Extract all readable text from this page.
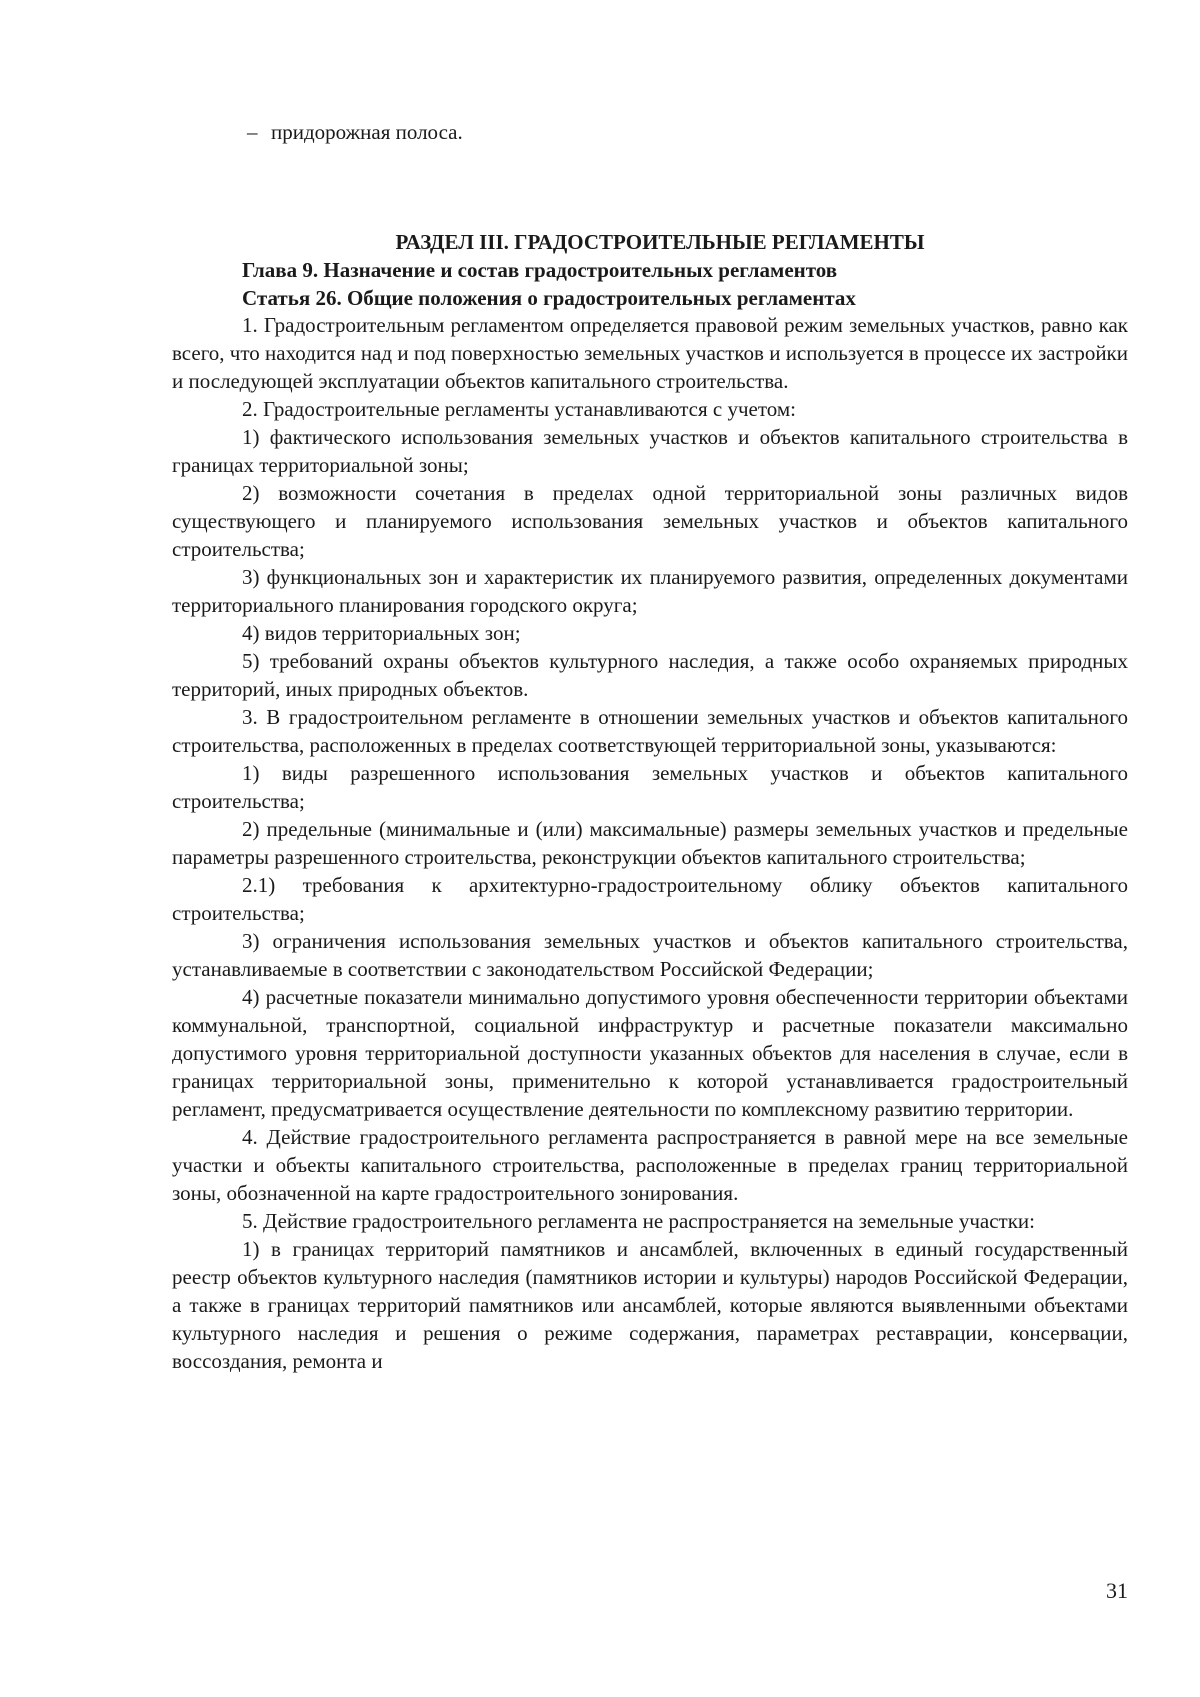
– придорожная полоса.
РАЗДЕЛ III. ГРАДОСТРОИТЕЛЬНЫЕ РЕГЛАМЕНТЫ
Глава 9. Назначение и состав градостроительных регламентов
Статья 26. Общие положения о градостроительных регламентах

1. Градостроительным регламентом определяется правовой режим земельных участков, равно как всего, что находится над и под поверхностью земельных участков и используется в процессе их застройки и последующей эксплуатации объектов капитального строительства.

2. Градостроительные регламенты устанавливаются с учетом:

1) фактического использования земельных участков и объектов капитального строительства в границах территориальной зоны;

2) возможности сочетания в пределах одной территориальной зоны различных видов существующего и планируемого использования земельных участков и объектов капитального строительства;

3) функциональных зон и характеристик их планируемого развития, определенных документами территориального планирования городского округа;

4) видов территориальных зон;

5) требований охраны объектов культурного наследия, а также особо охраняемых природных территорий, иных природных объектов.

3. В градостроительном регламенте в отношении земельных участков и объектов капитального строительства, расположенных в пределах соответствующей территориальной зоны, указываются:

1) виды разрешенного использования земельных участков и объектов капитального строительства;

2) предельные (минимальные и (или) максимальные) размеры земельных участков и предельные параметры разрешенного строительства, реконструкции объектов капитального строительства;

2.1) требования к архитектурно-градостроительному облику объектов капитального строительства;

3) ограничения использования земельных участков и объектов капитального строительства, устанавливаемые в соответствии с законодательством Российской Федерации;

4) расчетные показатели минимально допустимого уровня обеспеченности территории объектами коммунальной, транспортной, социальной инфраструктур и расчетные показатели максимально допустимого уровня территориальной доступности указанных объектов для населения в случае, если в границах территориальной зоны, применительно к которой устанавливается градостроительный регламент, предусматривается осуществление деятельности по комплексному развитию территории.

4. Действие градостроительного регламента распространяется в равной мере на все земельные участки и объекты капитального строительства, расположенные в пределах границ территориальной зоны, обозначенной на карте градостроительного зонирования.

5. Действие градостроительного регламента не распространяется на земельные участки:

1) в границах территорий памятников и ансамблей, включенных в единый государственный реестр объектов культурного наследия (памятников истории и культуры) народов Российской Федерации, а также в границах территорий памятников или ансамблей, которые являются выявленными объектами культурного наследия и решения о режиме содержания, параметрах реставрации, консервации, воссоздания, ремонта и

31
